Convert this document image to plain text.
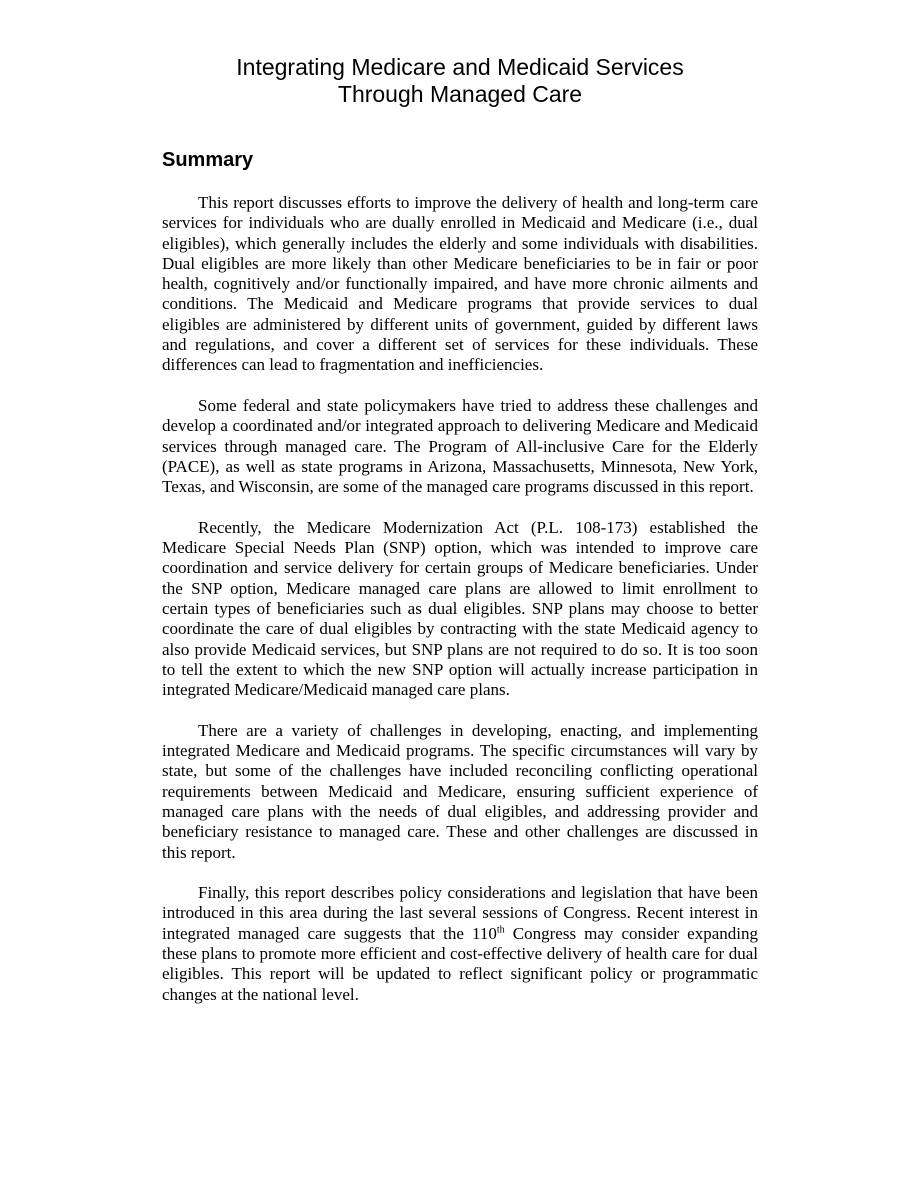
Integrating Medicare and Medicaid Services
Through Managed Care
Summary

This report discusses efforts to improve the delivery of health and long-term care services for individuals who are dually enrolled in Medicaid and Medicare (i.e., dual eligibles), which generally includes the elderly and some individuals with disabilities. Dual eligibles are more likely than other Medicare beneficiaries to be in fair or poor health, cognitively and/or functionally impaired, and have more chronic ailments and conditions. The Medicaid and Medicare programs that provide services to dual eligibles are administered by different units of government, guided by different laws and regulations, and cover a different set of services for these individuals. These differences can lead to fragmentation and inefficiencies.

Some federal and state policymakers have tried to address these challenges and develop a coordinated and/or integrated approach to delivering Medicare and Medicaid services through managed care. The Program of All-inclusive Care for the Elderly (PACE), as well as state programs in Arizona, Massachusetts, Minnesota, New York, Texas, and Wisconsin, are some of the managed care programs discussed in this report.

Recently, the Medicare Modernization Act (P.L. 108-173) established the Medicare Special Needs Plan (SNP) option, which was intended to improve care coordination and service delivery for certain groups of Medicare beneficiaries. Under the SNP option, Medicare managed care plans are allowed to limit enrollment to certain types of beneficiaries such as dual eligibles. SNP plans may choose to better coordinate the care of dual eligibles by contracting with the state Medicaid agency to also provide Medicaid services, but SNP plans are not required to do so. It is too soon to tell the extent to which the new SNP option will actually increase participation in integrated Medicare/Medicaid managed care plans.

There are a variety of challenges in developing, enacting, and implementing integrated Medicare and Medicaid programs. The specific circumstances will vary by state, but some of the challenges have included reconciling conflicting operational requirements between Medicaid and Medicare, ensuring sufficient experience of managed care plans with the needs of dual eligibles, and addressing provider and beneficiary resistance to managed care. These and other challenges are discussed in this report.

Finally, this report describes policy considerations and legislation that have been introduced in this area during the last several sessions of Congress. Recent interest in integrated managed care suggests that the 110th Congress may consider expanding these plans to promote more efficient and cost-effective delivery of health care for dual eligibles. This report will be updated to reflect significant policy or programmatic changes at the national level.
